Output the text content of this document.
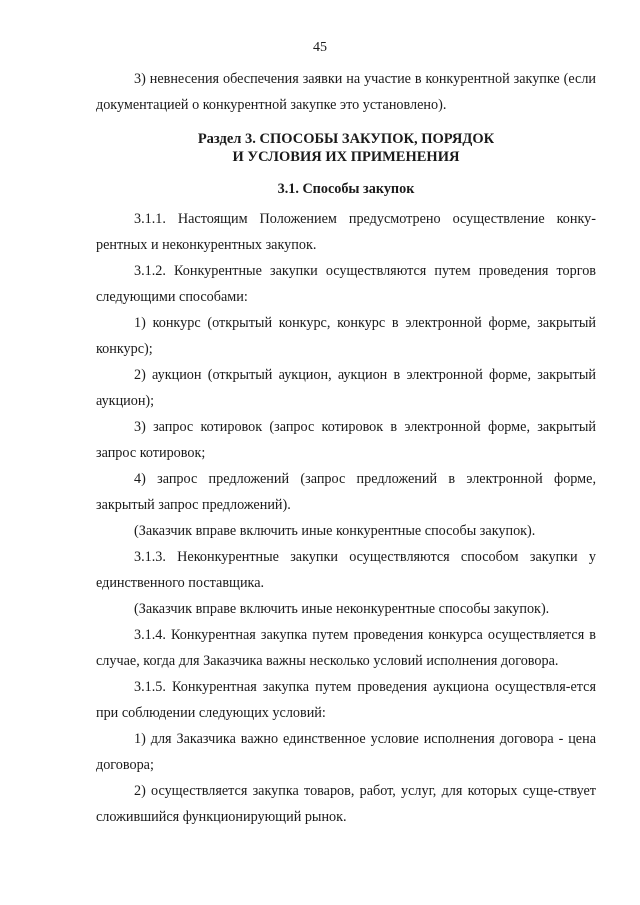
45

3) невнесения обеспечения заявки на участие в конкурентной закупке (если документацией о конкурентной закупке это установлено).

Раздел 3. СПОСОБЫ ЗАКУПОК, ПОРЯДОК

И УСЛОВИЯ ИХ ПРИМЕНЕНИЯ

3.1. Способы закупок

3.1.1. Настоящим Положением предусмотрено осуществление конку-рентных и неконкурентных закупок.

3.1.2. Конкурентные закупки осуществляются путем проведения торгов следующими способами:

1) конкурс (открытый конкурс, конкурс в электронной форме, закрытый конкурс);

2) аукцион (открытый аукцион, аукцион в электронной форме, закрытый аукцион);

3) запрос котировок (запрос котировок в электронной форме, закрытый запрос котировок;

4) запрос предложений (запрос предложений в электронной форме, закрытый запрос предложений).

(Заказчик вправе включить иные конкурентные способы закупок).

3.1.3. Неконкурентные закупки осуществляются способом закупки у единственного поставщика.

(Заказчик вправе включить иные неконкурентные способы закупок).

3.1.4. Конкурентная закупка путем проведения конкурса осуществляется в случае, когда для Заказчика важны несколько условий исполнения договора.

3.1.5. Конкурентная закупка путем проведения аукциона осуществля-ется при соблюдении следующих условий:

1) для Заказчика важно единственное условие исполнения договора - цена договора;

2) осуществляется закупка товаров, работ, услуг, для которых суще-ствует сложившийся функционирующий рынок.
